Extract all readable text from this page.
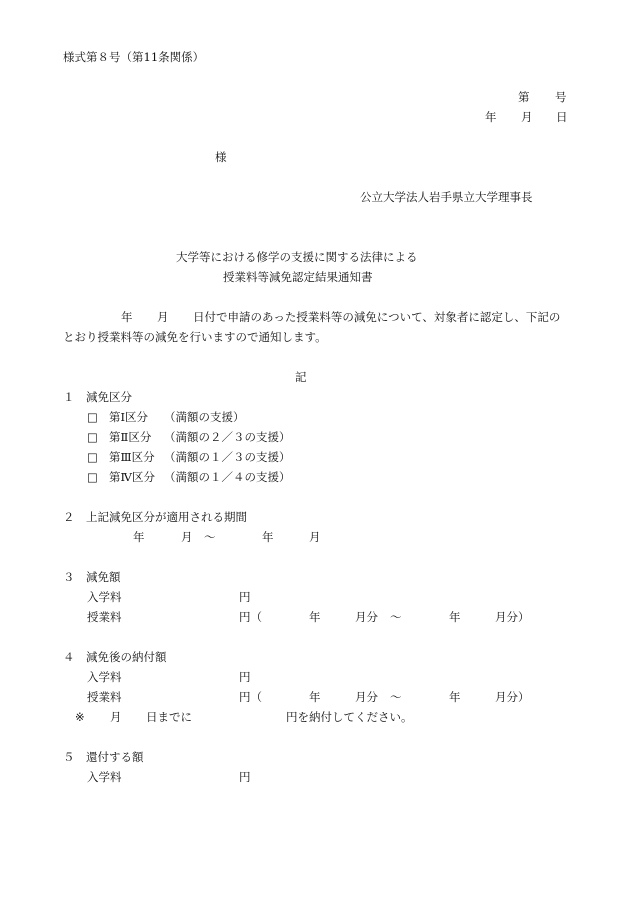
様式第８号（第11条関係）
第 号
年 月 日
様
公立大学法人岩手県立大学理事長
大学等における修学の支援に関する法律による
授業料等減免認定結果通知書
年 月 日付で申請のあった授業料等の減免について、対象者に認定し、下記の
とおり授業料等の減免を行いますので通知します。
記
１　減免区分
□ 第Ⅰ区分 （満額の支援）
□ 第Ⅱ区分 （満額の２／３の支援）
□ 第Ⅲ区分 （満額の１／３の支援）
□ 第Ⅳ区分 （満額の１／４の支援）
２　上記減免区分が適用される期間
年	月 ～	年	月
３　減免額
入学料	円
授業料	円（	年	月分 ～	年	月分）
４　減免後の納付額
入学料	円
授業料	円（	年	月分 ～	年	月分）
※ 月 日までに	円を納付してください。
５　還付する額
入学料	円
